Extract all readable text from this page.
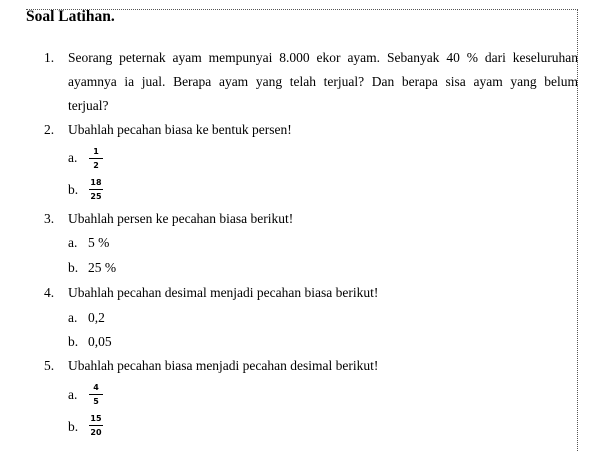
Soal Latihan.
1. Seorang peternak ayam mempunyai 8.000 ekor ayam. Sebanyak 40 % dari keseluruhan
ayamnya ia jual. Berapa ayam yang telah terjual? Dan berapa sisa ayam yang belum
terjual?
2. Ubahlah pecahan biasa ke bentuk persen!
a.	1
2
b.	18
25
3. Ubahlah persen ke pecahan biasa berikut!
a. 5 %
b. 25 %
4. Ubahlah pecahan desimal menjadi pecahan biasa berikut!
a. 0,2
b. 0,05
5. Ubahlah pecahan biasa menjadi pecahan desimal berikut!
a.	4
5
b.
15
20
